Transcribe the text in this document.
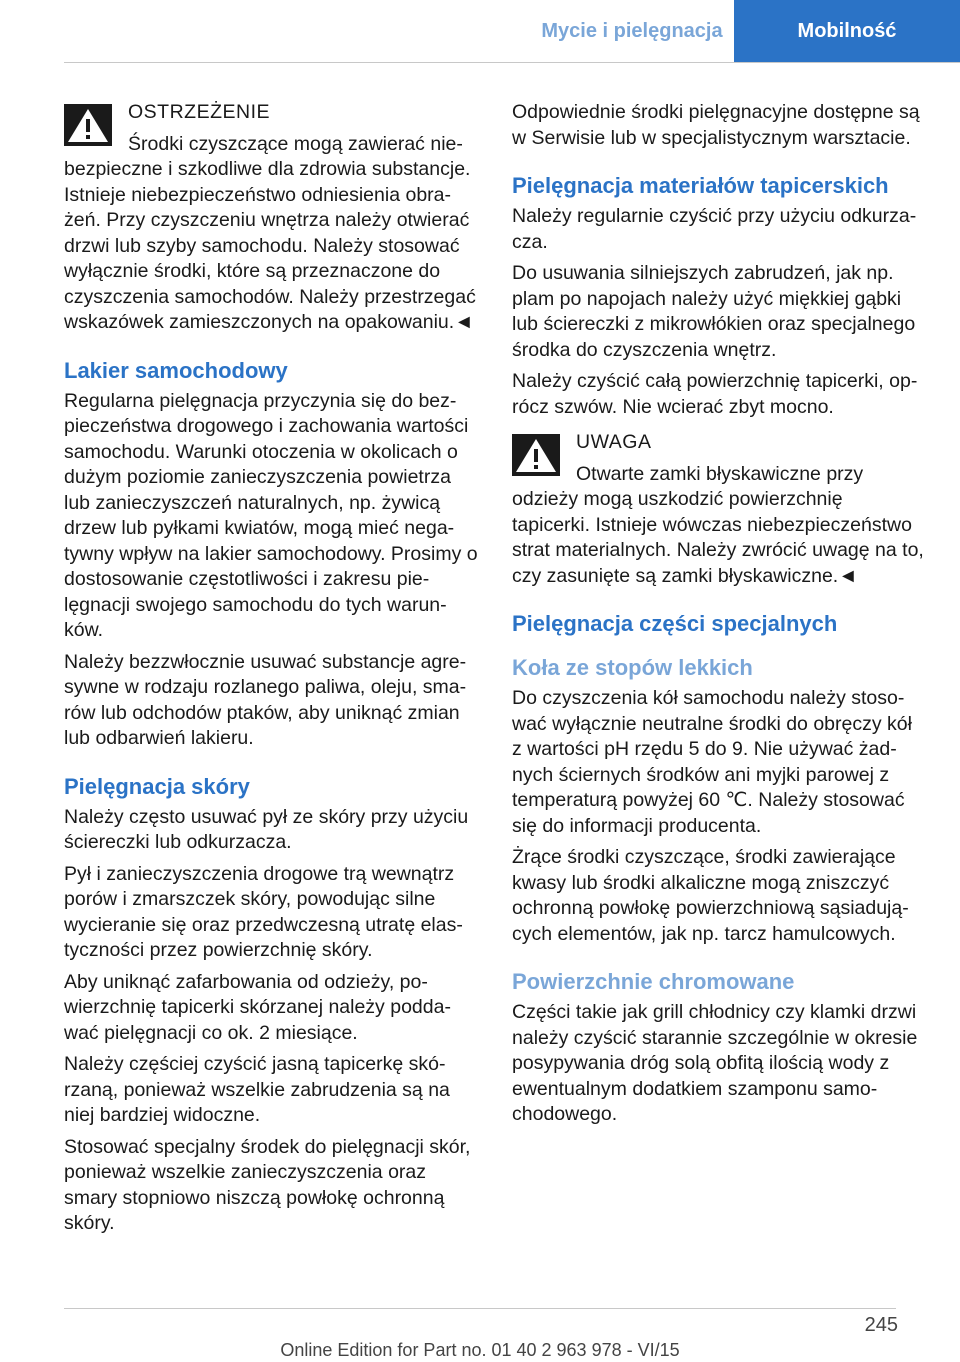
Mycie i pielęgnacja	Mobilność
OSTRZEŻENIE

Środki czyszczące mogą zawierać niebezpieczne i szkodliwe dla zdrowia substancje. Istnieje niebezpieczeństwo odniesienia obrażeń. Przy czyszczeniu wnętrza należy otwierać drzwi lub szyby samochodu. Należy stosować wyłącznie środki, które są przeznaczone do czyszczenia samochodów. Należy przestrzegać wskazówek zamieszczonych na opakowaniu.◄

Lakier samochodowy

Regularna pielęgnacja przyczynia się do bezpieczeństwa drogowego i zachowania wartości samochodu. Warunki otoczenia w okolicach o dużym poziomie zanieczyszczenia powietrza lub zanieczyszczeń naturalnych, np. żywicą drzew lub pyłkami kwiatów, mogą mieć negatywny wpływ na lakier samochodowy. Prosimy o dostosowanie częstotliwości i zakresu pielęgnacji swojego samochodu do tych warunków.

Należy bezzwłocznie usuwać substancje agresywne w rodzaju rozlanego paliwa, oleju, smarów lub odchodów ptaków, aby uniknąć zmian lub odbarwień lakieru.

Pielęgnacja skóry

Należy często usuwać pył ze skóry przy użyciu ściereczki lub odkurzacza.

Pył i zanieczyszczenia drogowe trą wewnątrz porów i zmarszczek skóry, powodując silne wycieranie się oraz przedwczesną utratę elastyczności przez powierzchnię skóry.

Aby uniknąć zafarbowania od odzieży, powierzchnię tapicerki skórzanej należy poddawać pielęgnacji co ok. 2 miesiące.

Należy częściej czyścić jasną tapicerkę skórzaną, ponieważ wszelkie zabrudzenia są na niej bardziej widoczne.

Stosować specjalny środek do pielęgnacji skór, ponieważ wszelkie zanieczyszczenia oraz smary stopniowo niszczą powłokę ochronną skóry.

Odpowiednie środki pielęgnacyjne dostępne są w Serwisie lub w specjalistycznym warsztacie.

Pielęgnacja materiałów tapicerskich

Należy regularnie czyścić przy użyciu odkurzacza.

Do usuwania silniejszych zabrudzeń, jak np. plam po napojach należy użyć miękkiej gąbki lub ściereczki z mikrowłókien oraz specjalnego środka do czyszczenia wnętrz.

Należy czyścić całą powierzchnię tapicerki, oprócz szwów. Nie wcierać zbyt mocno.

UWAGA

Otwarte zamki błyskawiczne przy odzieży mogą uszkodzić powierzchnię tapicerki. Istnieje wówczas niebezpieczeństwo strat materialnych. Należy zwrócić uwagę na to, czy zasunięte są zamki błyskawiczne.◄

Pielęgnacja części specjalnych
Koła ze stopów lekkich

Do czyszczenia kół samochodu należy stosować wyłącznie neutralne środki do obręczy kół z wartości pH rzędu 5 do 9. Nie używać żadnych ściernych środków ani myjki parowej z temperaturą powyżej 60 ℃. Należy stosować się do informacji producenta.

Żrące środki czyszczące, środki zawierające kwasy lub środki alkaliczne mogą zniszczyć ochronną powłokę powierzchniową sąsiadujących elementów, jak np. tarcz hamulcowych.

Powierzchnie chromowane

Części takie jak grill chłodnicy czy klamki drzwi należy czyścić starannie szczególnie w okresie posypywania dróg solą obfitą ilością wody z ewentualnym dodatkiem szamponu samochodowego.

245
Online Edition for Part no. 01 40 2 963 978 - VI/15
